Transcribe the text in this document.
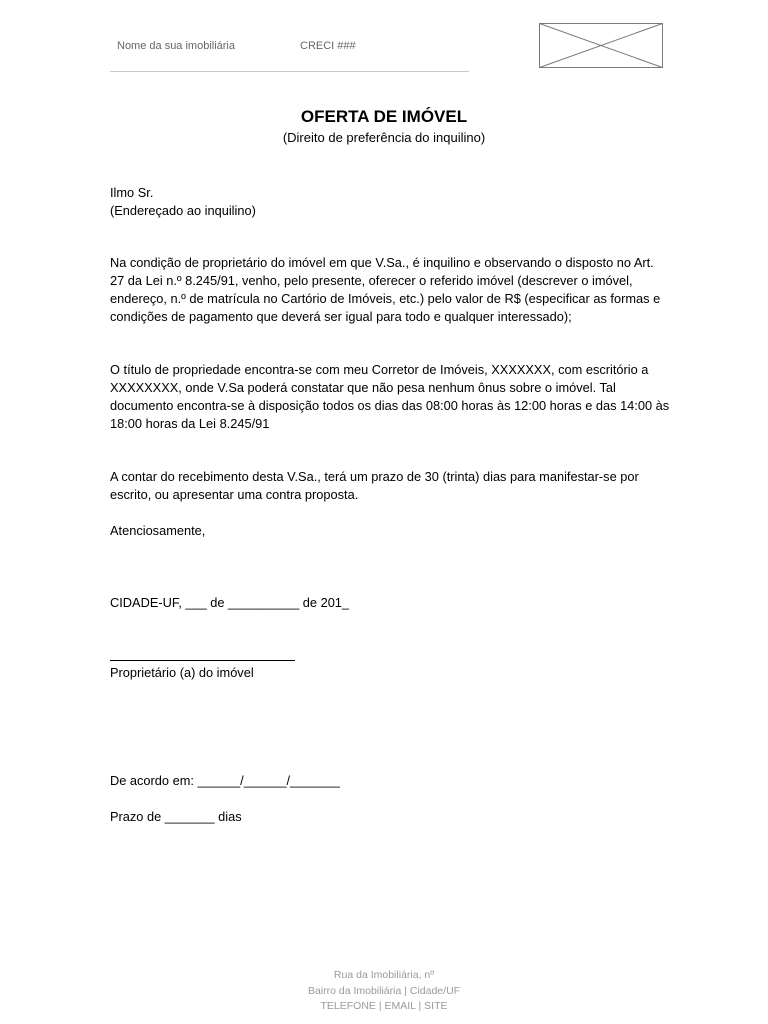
Nome da sua imobiliária	CRECI ###
OFERTA DE IMÓVEL
(Direito de preferência do inquilino)
Ilmo Sr.
(Endereçado ao inquilino)
Na condição de proprietário do imóvel em que V.Sa., é inquilino e observando o disposto no Art. 27 da Lei n.º 8.245/91, venho, pelo presente, oferecer o referido imóvel (descrever o imóvel, endereço, n.º de matrícula no Cartório de Imóveis, etc.) pelo valor de R$ (especificar as formas e condições de pagamento que deverá ser igual para todo e qualquer interessado);
O título de propriedade encontra-se com meu Corretor de Imóveis, XXXXXXX, com escritório a XXXXXXXX, onde V.Sa poderá constatar que não pesa nenhum ônus sobre o imóvel. Tal documento encontra-se à disposição todos os dias das 08:00 horas às 12:00 horas e das 14:00 às 18:00 horas da Lei 8.245/91
A contar do recebimento desta V.Sa., terá um prazo de 30 (trinta) dias para manifestar-se por escrito, ou apresentar uma contra proposta.
Atenciosamente,
CIDADE-UF, ___ de __________ de 201_
Proprietário (a) do imóvel
De acordo em: ______/______/_______
Prazo de _______ dias
Rua da Imobiliária, nº
Bairro da Imobiliária | Cidade/UF
TELEFONE | EMAIL | SITE
